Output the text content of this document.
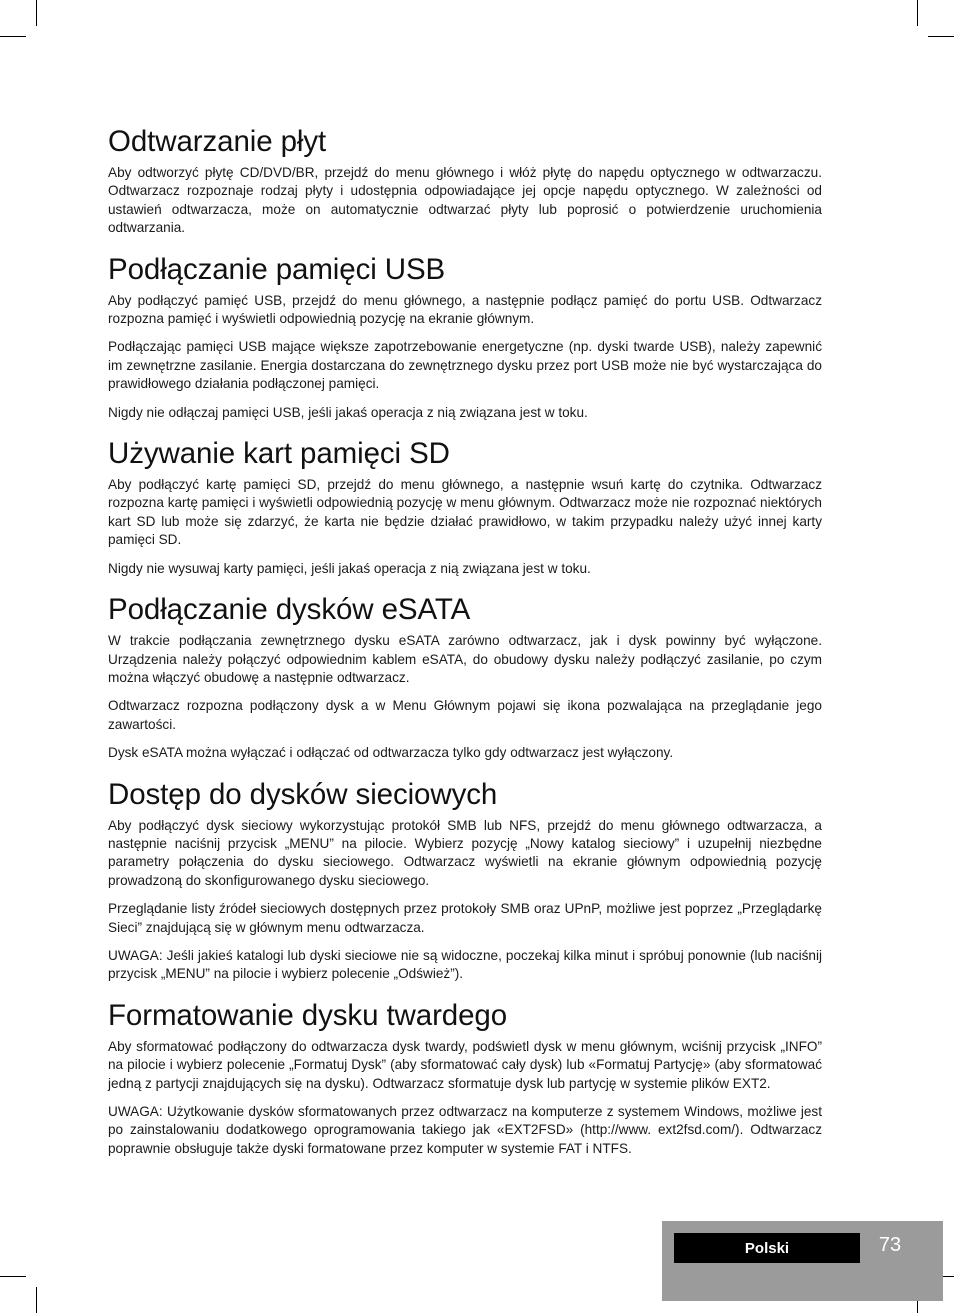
Odtwarzanie płyt

Aby odtworzyć płytę CD/DVD/BR, przejdź do menu głównego i włóż płytę do napędu optycznego w odtwarzaczu. Odtwarzacz rozpoznaje rodzaj płyty i udostępnia odpowiadające jej opcje napędu optycznego. W zależności od ustawień odtwarzacza, może on automatycznie odtwarzać płyty lub poprosić o potwierdzenie uruchomienia odtwarzania.

Podłączanie pamięci USB

Aby podłączyć pamięć USB, przejdź do menu głównego, a następnie podłącz pamięć do portu USB. Odtwarzacz rozpozna pamięć i wyświetli odpowiednią pozycję na ekranie głównym.

Podłączając pamięci USB mające większe zapotrzebowanie energetyczne (np. dyski twarde USB), należy zapewnić im zewnętrzne zasilanie. Energia dostarczana do zewnętrznego dysku przez port USB może nie być wystarczająca do prawidłowego działania podłączonej pamięci.

Nigdy nie odłączaj pamięci USB, jeśli jakaś operacja z nią związana jest w toku.

Używanie kart pamięci SD

Aby podłączyć kartę pamięci SD, przejdź do menu głównego, a następnie wsuń kartę do czytnika. Odtwarzacz rozpozna kartę pamięci i wyświetli odpowiednią pozycję w menu głównym. Odtwarzacz może nie rozpoznać niektórych kart SD lub może się zdarzyć, że karta nie będzie działać prawidłowo, w takim przypadku należy użyć innej karty pamięci SD.

Nigdy nie wysuwaj karty pamięci, jeśli jakaś operacja z nią związana jest w toku.

Podłączanie dysków eSATA

W trakcie podłączania zewnętrznego dysku eSATA zarówno odtwarzacz, jak i dysk powinny być wyłączone. Urządzenia należy połączyć odpowiednim kablem eSATA, do obudowy dysku należy podłączyć zasilanie, po czym można włączyć obudowę a następnie odtwarzacz.

Odtwarzacz rozpozna podłączony dysk a w Menu Głównym pojawi się ikona pozwalająca na przeglądanie jego zawartości.

Dysk eSATA można wyłączać i odłączać od odtwarzacza tylko gdy odtwarzacz jest wyłączony.

Dostęp do dysków sieciowych

Aby podłączyć dysk sieciowy wykorzystując protokół SMB lub NFS, przejdź do menu głównego odtwarzacza, a następnie naciśnij przycisk „MENU” na pilocie. Wybierz pozycję „Nowy katalog sieciowy” i uzupełnij niezbędne parametry połączenia do dysku sieciowego. Odtwarzacz wyświetli na ekranie głównym odpowiednią pozycję prowadzoną do skonfigurowanego dysku sieciowego.

Przeglądanie listy źródeł sieciowych dostępnych przez protokoły SMB oraz UPnP, możliwe jest poprzez „Przeglądarkę Sieci” znajdującą się w głównym menu odtwarzacza.

UWAGA: Jeśli jakieś katalogi lub dyski sieciowe nie są widoczne, poczekaj kilka minut i spróbuj ponownie (lub naciśnij przycisk „MENU” na pilocie i wybierz polecenie „Odśwież”).

Formatowanie dysku twardego

Aby sformatować podłączony do odtwarzacza dysk twardy, podświetl dysk w menu głównym, wciśnij przycisk „INFO” na pilocie i wybierz polecenie „Formatuj Dysk” (aby sformatować cały dysk) lub «Formatuj Partycję» (aby sformatować jedną z partycji znajdujących się na dysku). Odtwarzacz sformatuje dysk lub partycję w systemie plików EXT2.

UWAGA: Użytkowanie dysków sformatowanych przez odtwarzacz na komputerze z systemem Windows, możliwe jest po zainstalowaniu dodatkowego oprogramowania takiego jak «EXT2FSD» (http://www. ext2fsd.com/). Odtwarzacz poprawnie obsługuje także dyski formatowane przez komputer w systemie FAT i NTFS.

Polski	73
